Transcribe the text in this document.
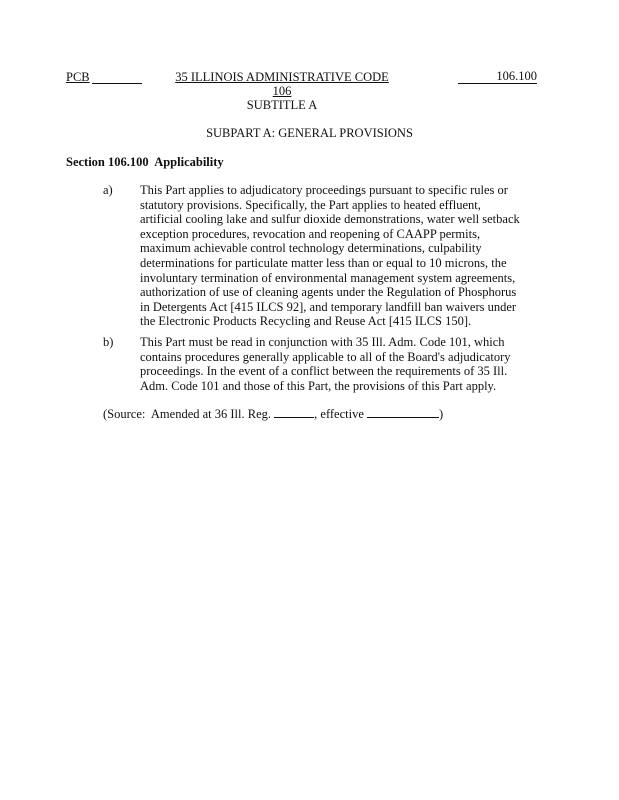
PCB	35 ILLINOIS ADMINISTRATIVE CODE 106
SUBTITLE A
106.100
SUBPART A: GENERAL PROVISIONS
Section 106.100 Applicability
a) This Part applies to adjudicatory proceedings pursuant to specific rules or statutory provisions. Specifically, the Part applies to heated effluent, artificial cooling lake and sulfur dioxide demonstrations, water well setback exception procedures, revocation and reopening of CAAPP permits, maximum achievable control technology determinations, culpability determinations for particulate matter less than or equal to 10 microns, the involuntary termination of environmental management system agreements, authorization of use of cleaning agents under the Regulation of Phosphorus in Detergents Act [415 ILCS 92], and temporary landfill ban waivers under the Electronic Products Recycling and Reuse Act [415 ILCS 150].
b) This Part must be read in conjunction with 35 Ill. Adm. Code 101, which contains procedures generally applicable to all of the Board's adjudicatory proceedings. In the event of a conflict between the requirements of 35 Ill. Adm. Code 101 and those of this Part, the provisions of this Part apply.
(Source:  Amended at 36 Ill. Reg.	, effective	)
